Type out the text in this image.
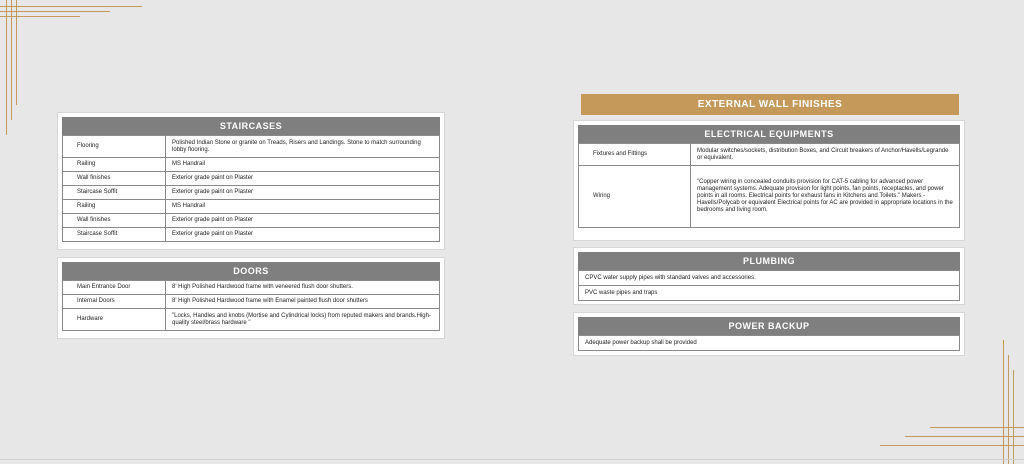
STAIRCASES
Flooring	Polished Indian Stone or granite on Treads, Risers and Landings. Stone to match surrounding lobby flooring.
Railing	MS Handrail
Wall finishes	Exterior grade paint on Plaster
Staircase Soffit	Exterior grade paint on Plaster
Railing	MS Handrail
Wall finishes	Exterior grade paint on Plaster
Staircase Soffit	Exterior grade paint on Plaster
DOORS
Main Entrance Door	8' High Polished Hardwood frame with veneered flush door shutters.
Internal Doors	8' High Polished Hardwood frame with Enamel painted flush door shutters
Hardware	"Locks, Handles and knobs (Mortise and Cylindrical locks) from reputed makers and brands.High-quality steel/brass hardware "
EXTERNAL WALL FINISHES
ELECTRICAL EQUIPMENTS
Fixtures and Fittings	Modular switches/sockets, distribution Boxes, and Circuit breakers of Anchor/Havells/Legrande or equivalent.
Wiring	"Copper wiring in concealed conduits provision for CAT-5 cabling for advanced power management systems. Adequate provision for light points, fan points, receptacles, and power points in all rooms. Electrical points for exhaust fans in Kitchens and Toilets." Makers -Havells/Polycab or equivalent Electrical points for AC are provided in appropriate locations in the bedrooms and living room.
PLUMBING
CPVC water supply pipes with standard valves and accessories.
PVC waste pipes and traps
POWER BACKUP
Adequate power backup shall be provided
